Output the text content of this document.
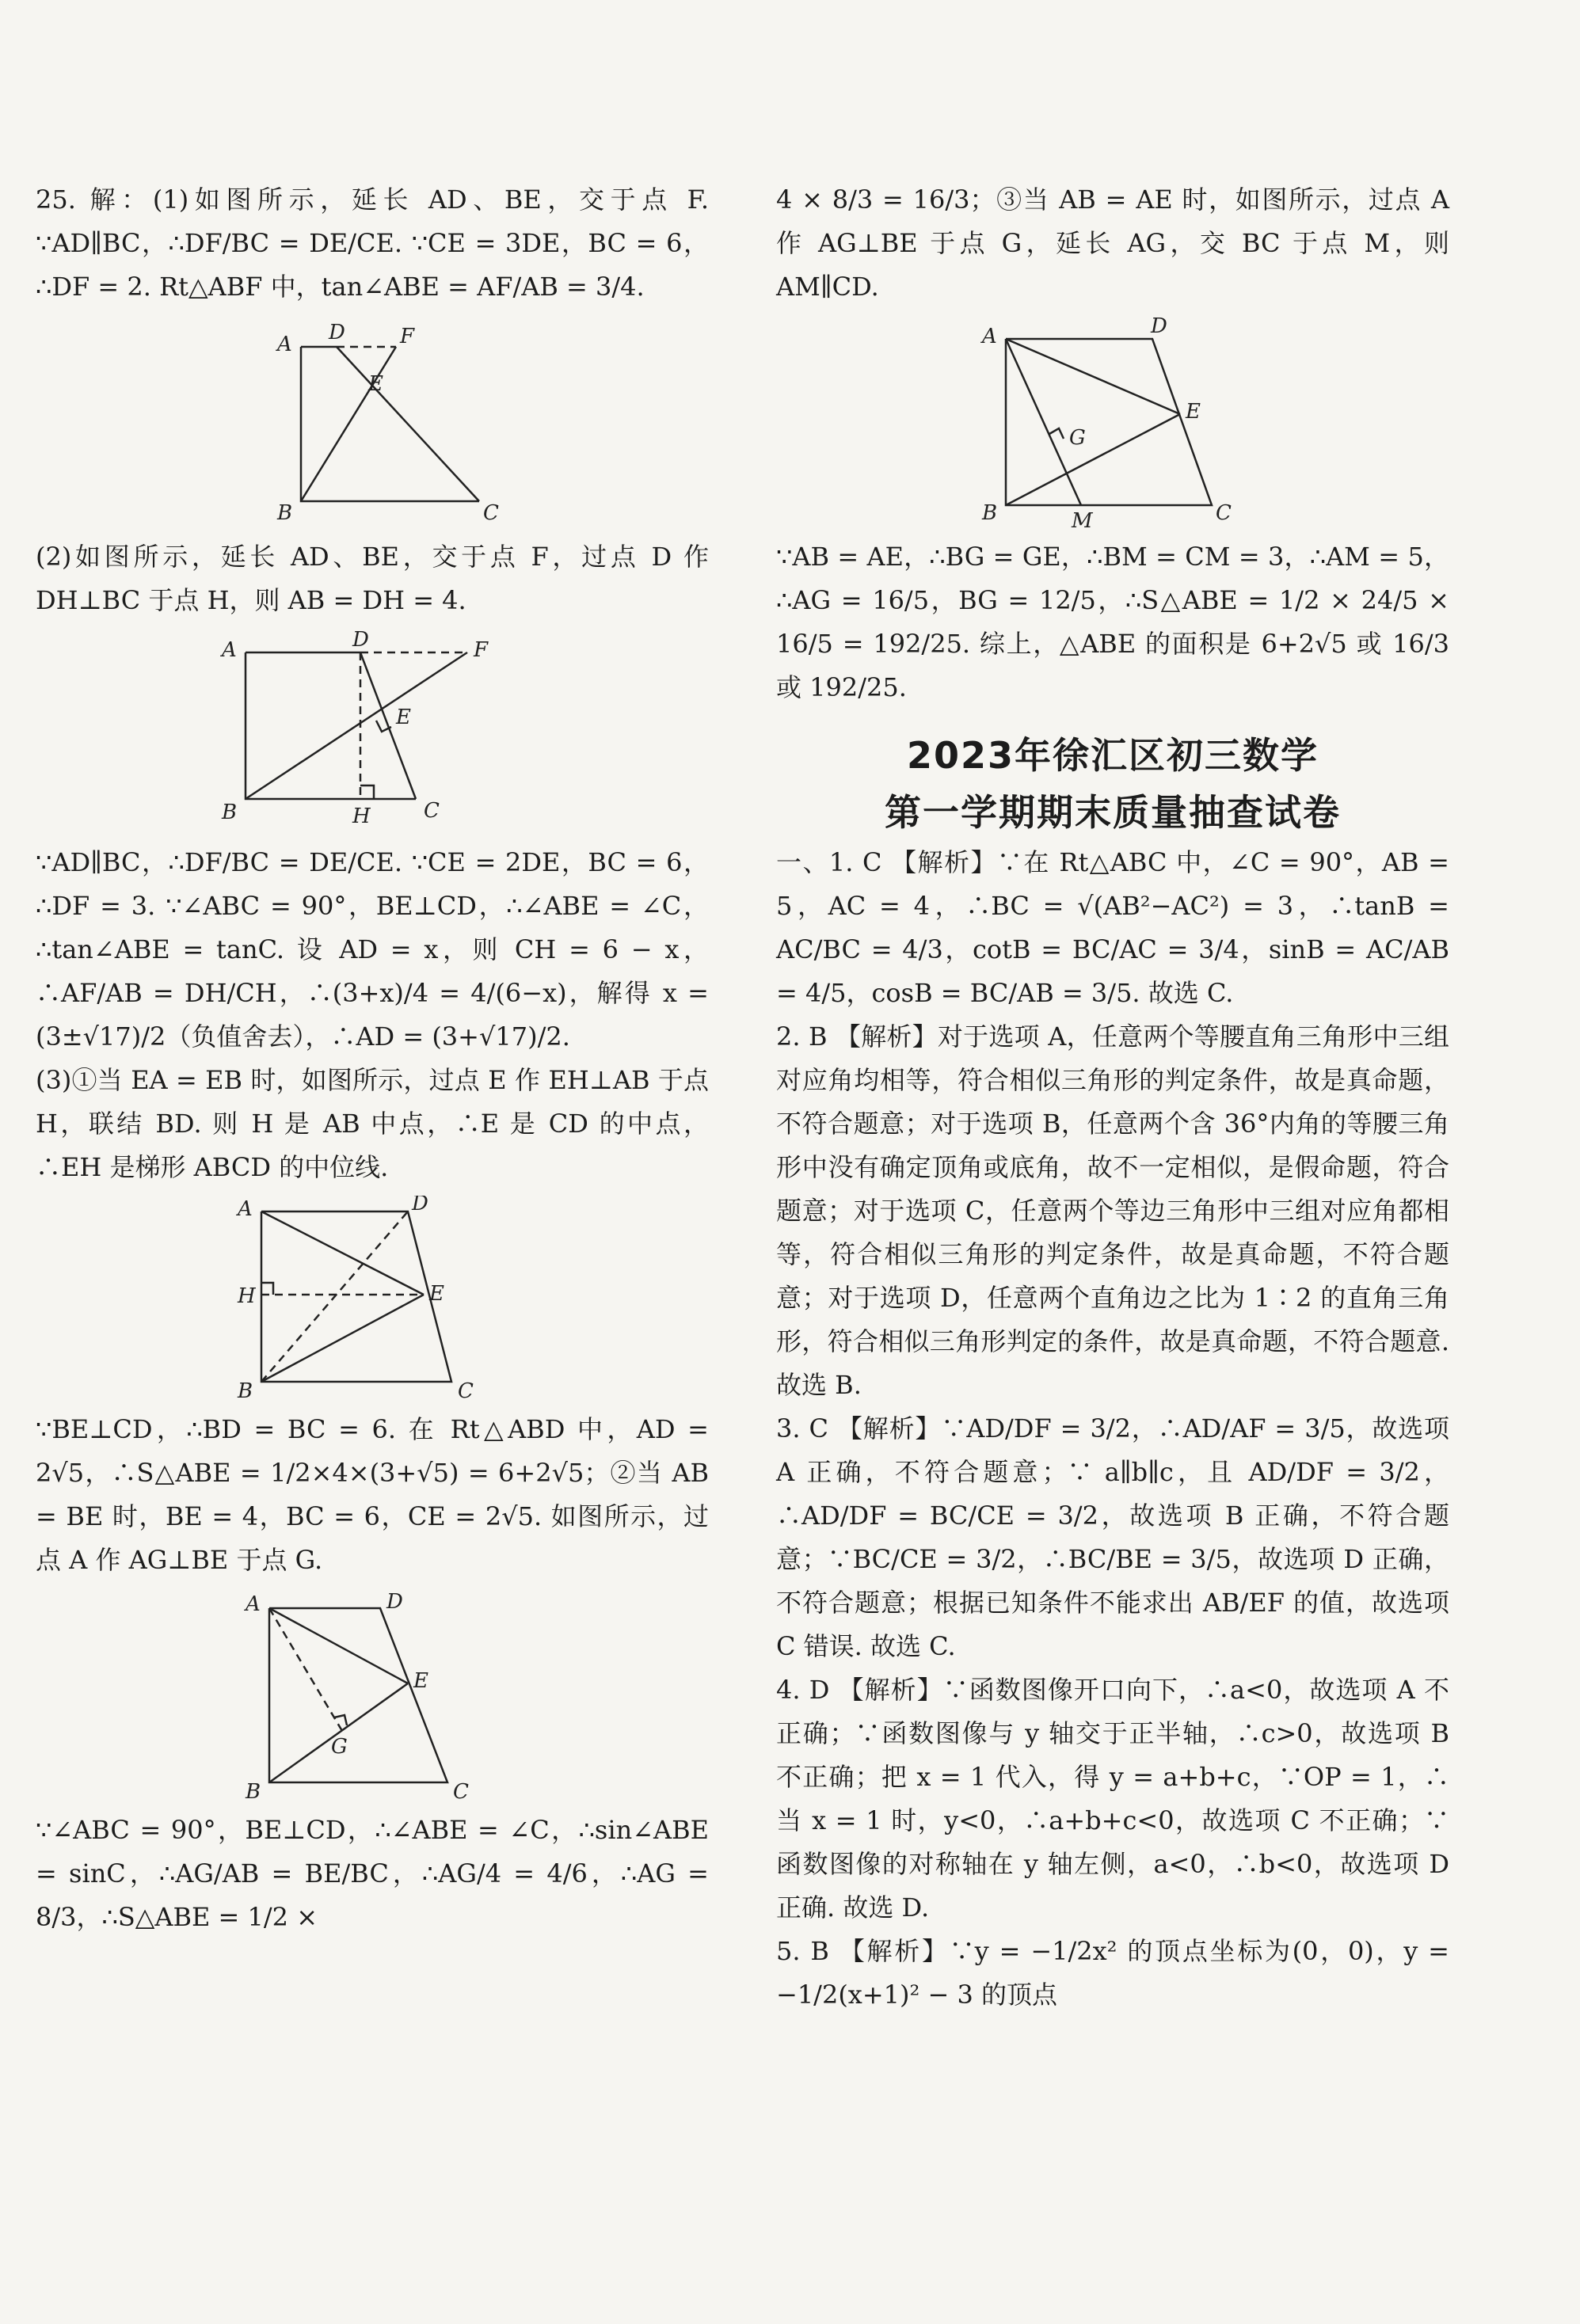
25. 解：(1)如图所示，延长 AD、BE，交于点 F. ∵AD∥BC，∴DF/BC = DE/CE. ∵CE = 3DE，BC = 6，∴DF = 2. Rt△ABF 中，tan∠ABE = AF/AB = 3/4.

A D	F
E
B	C

(2)如图所示，延长 AD、BE，交于点 F，过点 D 作 DH⊥BC 于点 H，则 AB = DH = 4.

A	D	F
E
B	H	C

∵AD∥BC，∴DF/BC = DE/CE. ∵CE = 2DE，BC = 6，∴DF = 3. ∵∠ABC = 90°，BE⊥CD，∴∠ABE = ∠C，∴tan∠ABE = tanC. 设 AD = x，则 CH = 6 − x，∴AF/AB = DH/CH，∴(3+x)/4 = 4/(6−x)，解得 x = (3±√17)/2（负值舍去），∴AD = (3+√17)/2.

(3)①当 EA = EB 时，如图所示，过点 E 作 EH⊥AB 于点 H，联结 BD. 则 H 是 AB 中点，∴E 是 CD 的中点，∴EH 是梯形 ABCD 的中位线.

A	D
H	E
B	C

∵BE⊥CD，∴BD = BC = 6. 在 Rt△ABD 中，AD = 2√5，∴S△ABE = 1/2×4×(3+√5) = 6+2√5；②当 AB = BE 时，BE = 4，BC = 6，CE = 2√5. 如图所示，过点 A 作 AG⊥BE 于点 G.

A	D
E
G
B	C

∵∠ABC = 90°，BE⊥CD，∴∠ABE = ∠C，∴sin∠ABE = sinC，∴AG/AB = BE/BC，∴AG/4 = 4/6，∴AG = 8/3，∴S△ABE = 1/2 ×

4 × 8/3 = 16/3；③当 AB = AE 时，如图所示，过点 A 作 AG⊥BE 于点 G，延长 AG，交 BC 于点 M，则 AM∥CD.

A	D
E
G
B	M	C

∵AB = AE，∴BG = GE，∴BM = CM = 3，∴AM = 5，∴AG = 16/5，BG = 12/5，∴S△ABE = 1/2 × 24/5 × 16/5 = 192/25. 综上，△ABE 的面积是 6+2√5 或 16/3 或 192/25.

2023年徐汇区初三数学
第一学期期末质量抽查试卷

一、1. C 【解析】∵在 Rt△ABC 中，∠C = 90°，AB = 5，AC = 4，∴BC = √(AB²−AC²) = 3，∴tanB = AC/BC = 4/3，cotB = BC/AC = 3/4，sinB = AC/AB = 4/5，cosB = BC/AB = 3/5. 故选 C.

2. B 【解析】对于选项 A，任意两个等腰直角三角形中三组对应角均相等，符合相似三角形的判定条件，故是真命题，不符合题意；对于选项 B，任意两个含 36°内角的等腰三角形中没有确定顶角或底角，故不一定相似，是假命题，符合题意；对于选项 C，任意两个等边三角形中三组对应角都相等，符合相似三角形的判定条件，故是真命题，不符合题意；对于选项 D，任意两个直角边之比为 1∶2 的直角三角形，符合相似三角形判定的条件，故是真命题，不符合题意. 故选 B.

3. C 【解析】∵AD/DF = 3/2，∴AD/AF = 3/5，故选项 A 正确，不符合题意；∵ a∥b∥c，且 AD/DF = 3/2，∴AD/DF = BC/CE = 3/2，故选项 B 正确，不符合题意；∵BC/CE = 3/2，∴BC/BE = 3/5，故选项 D 正确，不符合题意；根据已知条件不能求出 AB/EF 的值，故选项 C 错误. 故选 C.

4. D 【解析】∵函数图像开口向下，∴a<0，故选项 A 不正确；∵函数图像与 y 轴交于正半轴，∴c>0，故选项 B 不正确；把 x = 1 代入，得 y = a+b+c，∵OP = 1，∴当 x = 1 时，y<0，∴a+b+c<0，故选项 C 不正确；∵函数图像的对称轴在 y 轴左侧，a<0，∴b<0，故选项 D 正确. 故选 D.

5. B 【解析】∵y = −1/2x² 的顶点坐标为(0，0)，y = −1/2(x+1)² − 3 的顶点
